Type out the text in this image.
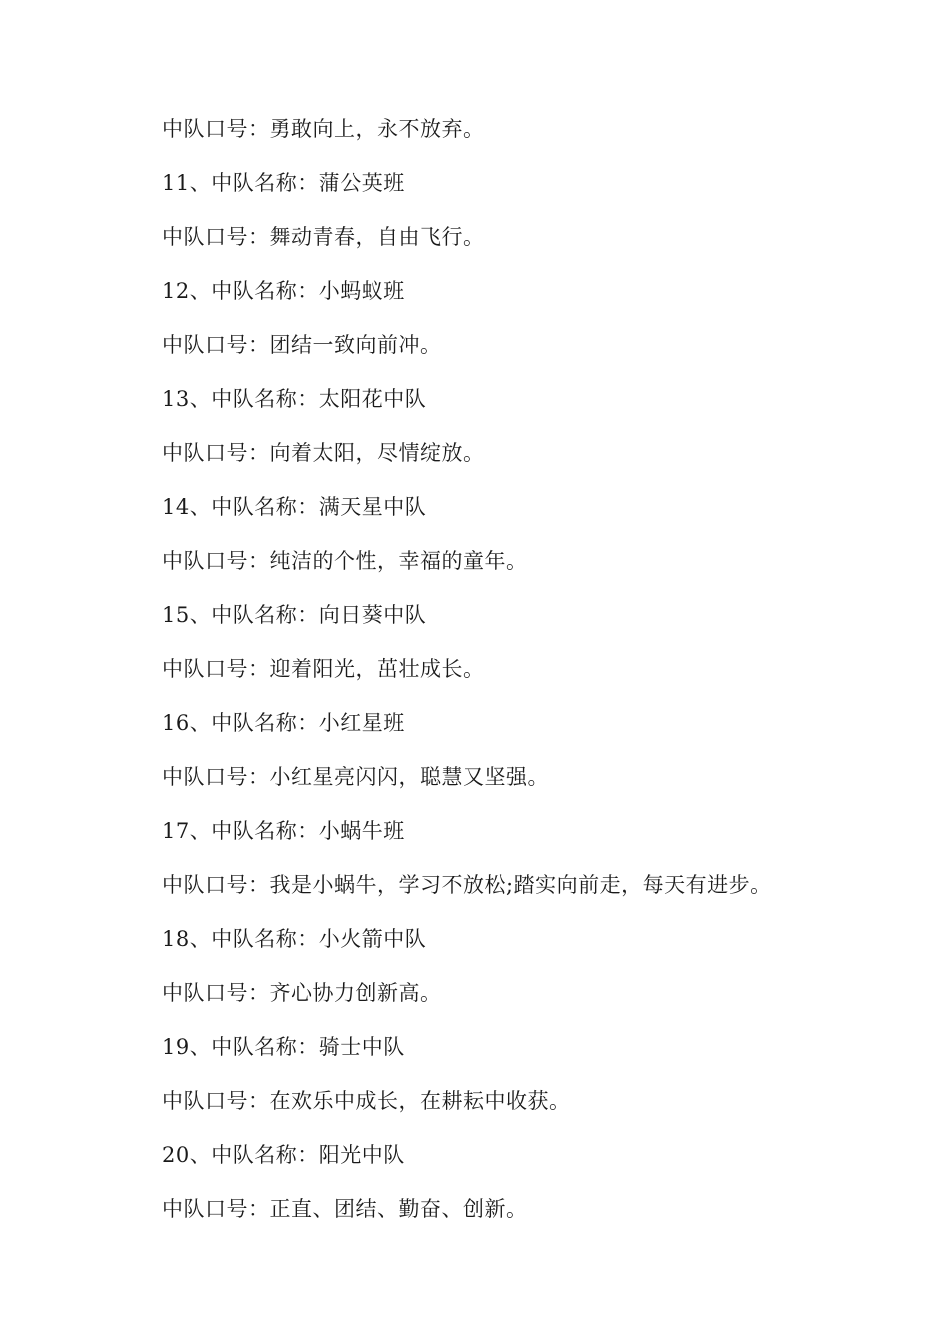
中队口号：勇敢向上，永不放弃。

11、中队名称：蒲公英班

中队口号：舞动青春，自由飞行。

12、中队名称：小蚂蚁班

中队口号：团结一致向前冲。

13、中队名称：太阳花中队

中队口号：向着太阳，尽情绽放。

14、中队名称：满天星中队

中队口号：纯洁的个性，幸福的童年。

15、中队名称：向日葵中队

中队口号：迎着阳光，茁壮成长。

16、中队名称：小红星班

中队口号：小红星亮闪闪，聪慧又坚强。

17、中队名称：小蜗牛班

中队口号：我是小蜗牛，学习不放松;踏实向前走，每天有进步。

18、中队名称：小火箭中队

中队口号：齐心协力创新高。

19、中队名称：骑士中队

中队口号：在欢乐中成长，在耕耘中收获。

20、中队名称：阳光中队

中队口号：正直、团结、勤奋、创新。
